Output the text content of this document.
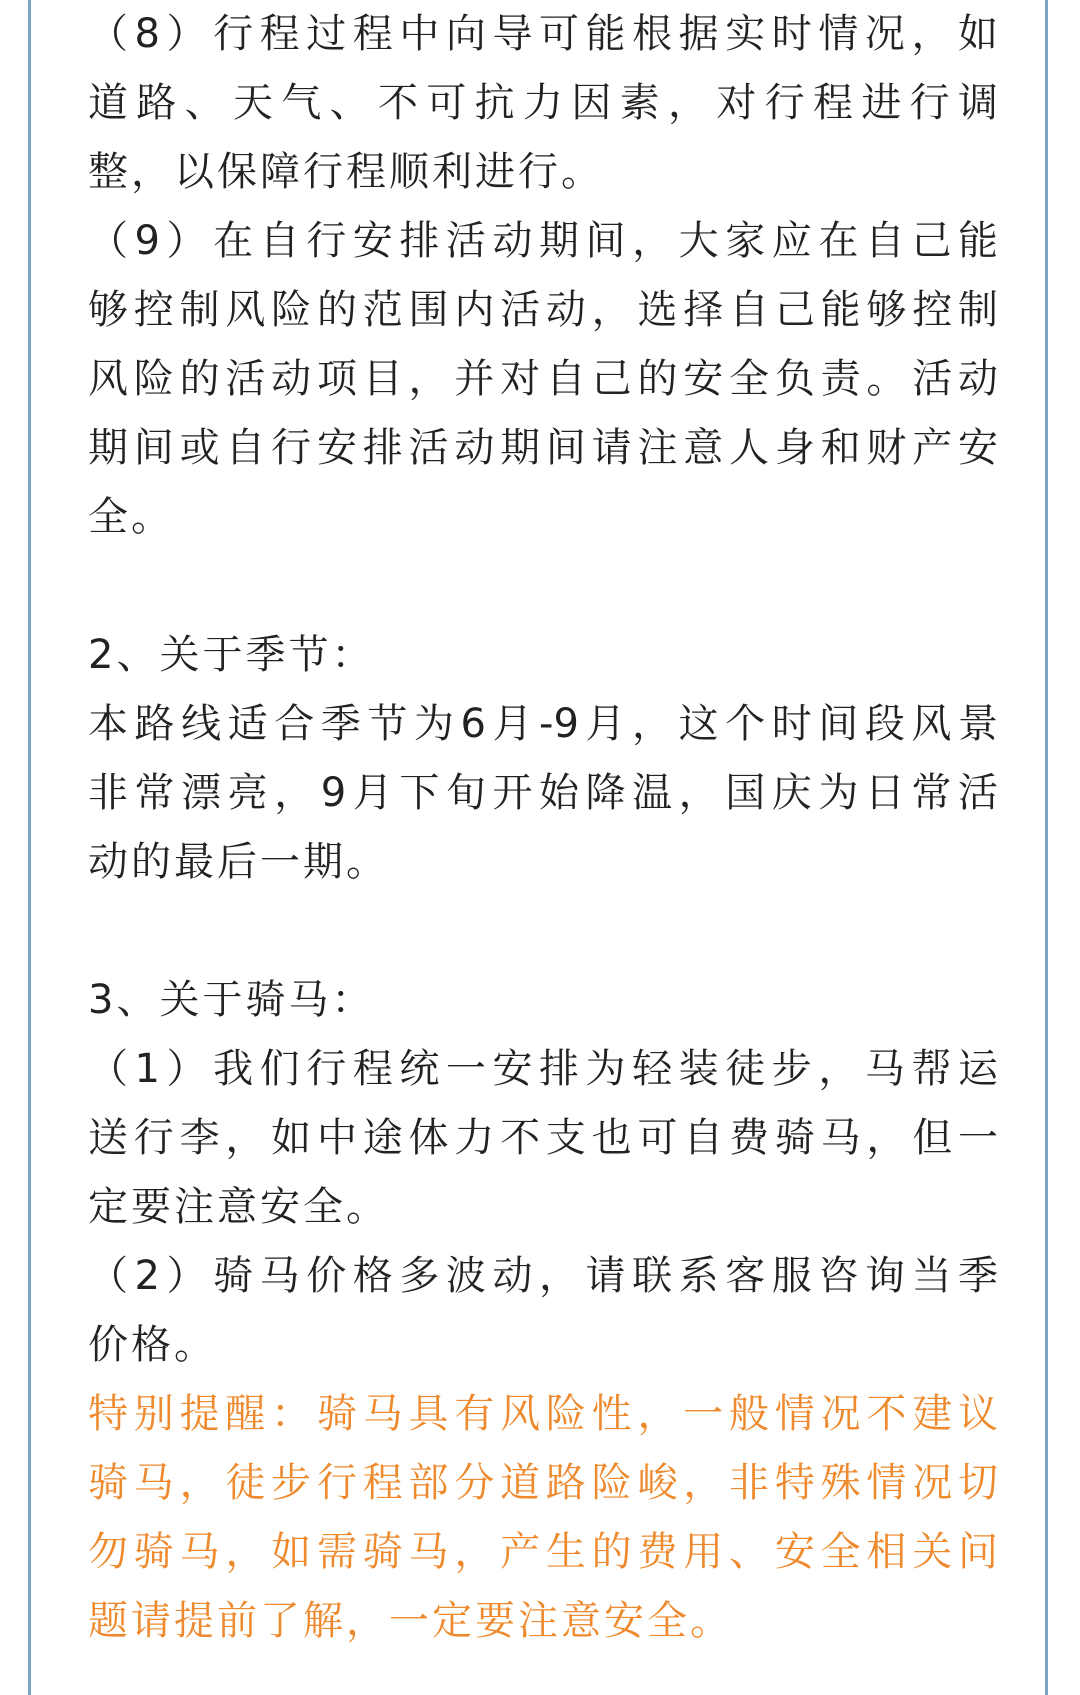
（8）行程过程中向导可能根据实时情况，如
道路、天气、不可抗力因素，对行程进行调
整，以保障行程顺利进行。
（9）在自行安排活动期间，大家应在自己能
够控制风险的范围内活动，选择自己能够控制
风险的活动项目，并对自己的安全负责。活动
期间或自行安排活动期间请注意人身和财产安
全。
2、关于季节：
本路线适合季节为6月-9月，这个时间段风景
非常漂亮，9月下旬开始降温，国庆为日常活
动的最后一期。
3、关于骑马：
（1）我们行程统一安排为轻装徒步，马帮运
送行李，如中途体力不支也可自费骑马，但一
定要注意安全。
（2）骑马价格多波动，请联系客服咨询当季
价格。
特别提醒：骑马具有风险性，一般情况不建议
骑马，徒步行程部分道路险峻，非特殊情况切
勿骑马，如需骑马，产生的费用、安全相关问
题请提前了解，一定要注意安全。
